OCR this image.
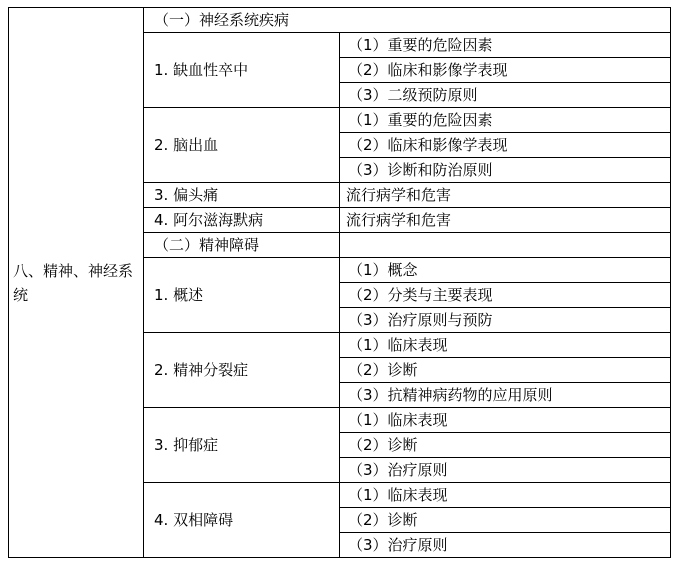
八、精神、神经系统	（一）神经系统疾病	
	1. 缺血性卒中	（1）重要的危险因素
		（2）临床和影像学表现
		（3）二级预防原则
	2. 脑出血	（1）重要的危险因素
		（2）临床和影像学表现
		（3）诊断和防治原则
	3. 偏头痛	流行病学和危害
	4. 阿尔滋海默病	流行病学和危害
	（二）精神障碍	
	1. 概述	（1）概念
		（2）分类与主要表现
		（3）治疗原则与预防
	2. 精神分裂症	（1）临床表现
		（2）诊断
		（3）抗精神病药物的应用原则
	3. 抑郁症	（1）临床表现
		（2）诊断
		（3）治疗原则
	4. 双相障碍	（1）临床表现
		（2）诊断
		（3）治疗原则
